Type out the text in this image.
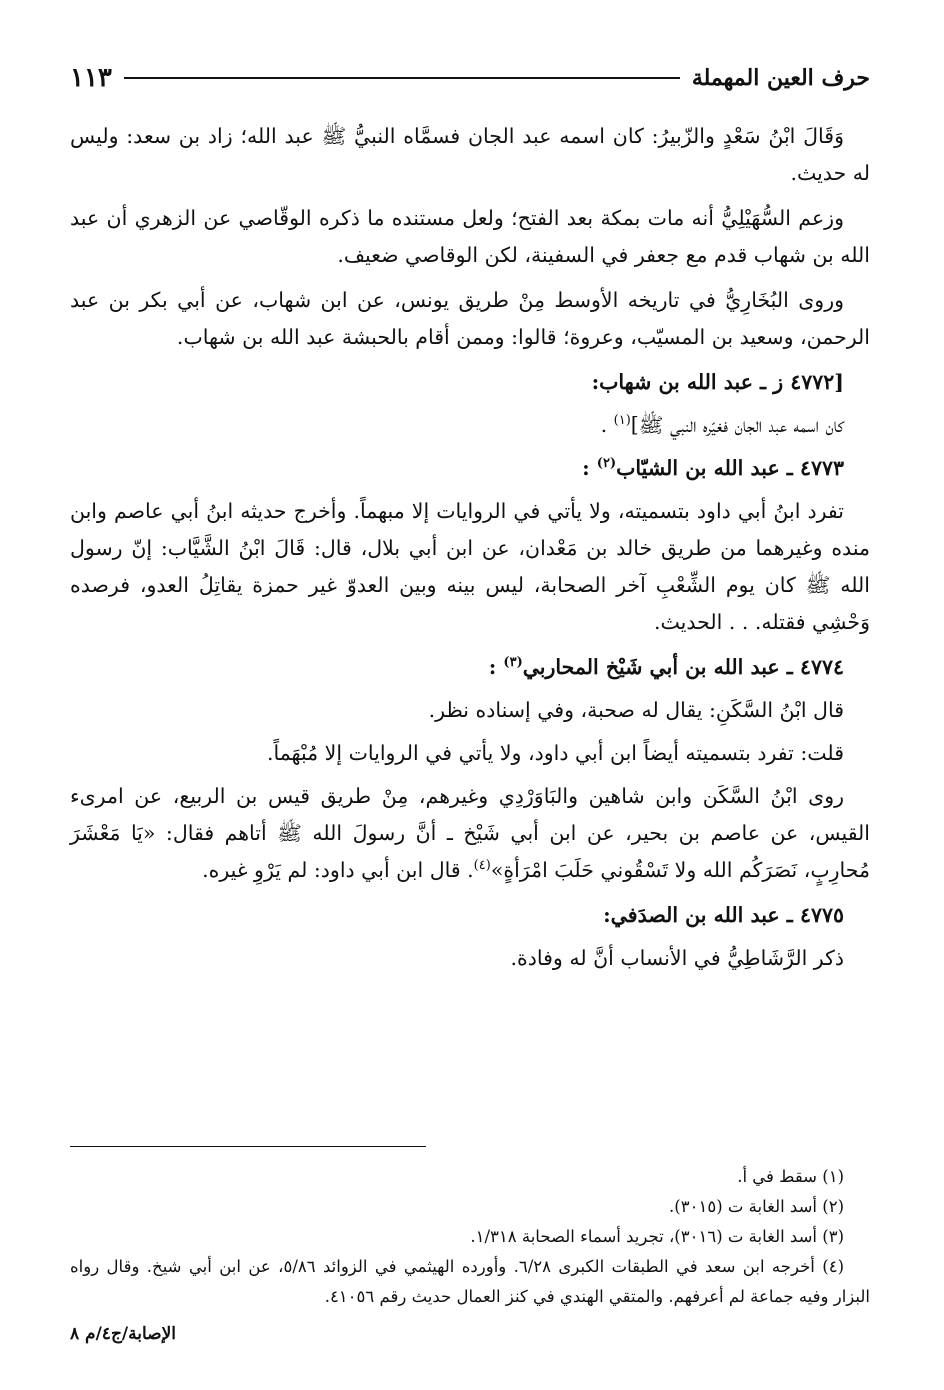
حرف العين المهملة
١١٣

وَقَالَ ابْنُ سَعْدٍ والزّبيرُ: كان اسمه عبد الجان فسمَّاه النبيُّ ﷺ عبد الله؛ زاد بن سعد: وليس له حديث.

وزعم السُّهَيْلِيُّ أنه مات بمكة بعد الفتح؛ ولعل مستنده ما ذكره الوقّاصي عن الزهري أن عبد الله بن شهاب قدم مع جعفر في السفينة، لكن الوقاصي ضعيف.

وروى البُخَارِيُّ في تاريخه الأوسط مِنْ طريق يونس، عن ابن شهاب، عن أبي بكر بن عبد الرحمن، وسعيد بن المسيّب، وعروة؛ قالوا: وممن أقام بالحبشة عبد الله بن شهاب.

[٤٧٧٢ ز ـ عبد الله بن شهاب:

كان اسمه عبد الجان فغيّره النبي ﷺ]$^{(١)}$ .

٤٧٧٣ ـ عبد الله بن الشيّاب$^{(٢)}$ :

تفرد ابنُ أبي داود بتسميته، ولا يأتي في الروايات إلا مبهماً. وأخرج حديثه ابنُ أبي عاصم وابن منده وغيرهما من طريق خالد بن مَعْدان، عن ابن أبي بلال، قال: قَالَ ابْنُ الشَّيَّاب: إنّ رسول الله ﷺ كان يوم الشِّعْبِ آخر الصحابة، ليس بينه وبين العدوّ غير حمزة يقاتِلُ العدو، فرصده وَحْشِي فقتله. . . الحديث.

٤٧٧٤ ـ عبد الله بن أبي شَيْخ المحاربي$^{(٣)}$ :

قال ابْنُ السَّكَنِ: يقال له صحبة، وفي إسناده نظر.

قلت: تفرد بتسميته أيضاً ابن أبي داود، ولا يأتي في الروايات إلا مُبْهَماً.

روى ابْنُ السَّكَن وابن شاهين والبَاوَرْدِي وغيرهم، مِنْ طريق قيس بن الربيع، عن امرىء القيس، عن عاصم بن بحير، عن ابن أبي شَيْخ ـ أنَّ رسولَ الله ﷺ أتاهم فقال: «يَا مَعْشَرَ مُحارِبٍ، نَصَرَكُم الله ولا تَسْقُوني حَلَبَ امْرَأةٍ»$^{(٤)}$. قال ابن أبي داود: لم يَرْوِ غيره.

٤٧٧٥ ـ عبد الله بن الصدَفي:

ذكر الرَّشَاطِيُّ في الأنساب أنَّ له وفادة.

(١) سقط في أ.

(٢) أسد الغابة ت (٣٠١٥).

(٣) أسد الغابة ت (٣٠١٦)، تجريد أسماء الصحابة ١/٣١٨.

(٤) أخرجه ابن سعد في الطبقات الكبرى ٦/٢٨. وأورده الهيثمي في الزوائد ٥/٨٦، عن ابن أبي شيخ. وقال رواه البزار وفيه جماعة لم أعرفهم. والمتقي الهندي في كنز العمال حديث رقم ٤١٠٥٦.

الإصابة/ج٤/م ٨
